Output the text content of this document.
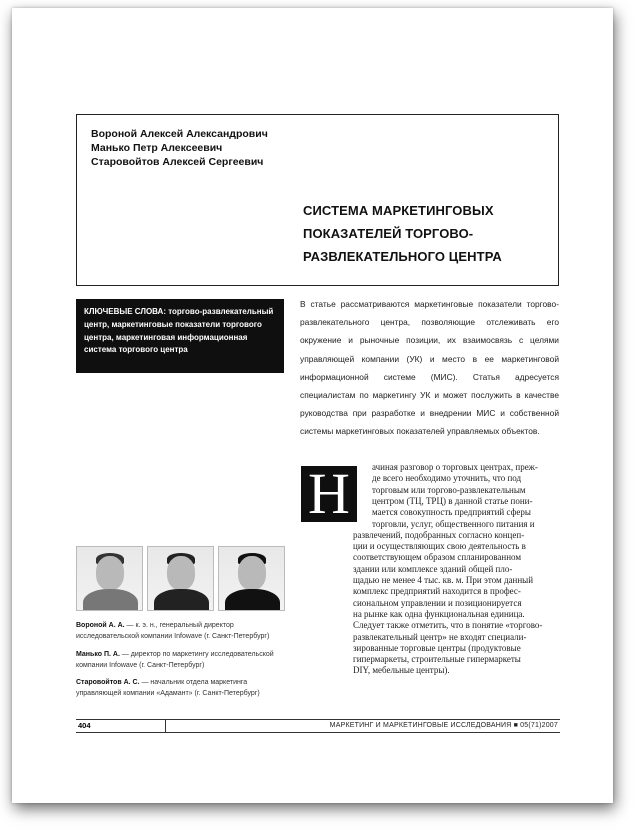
Вороной Алексей Александрович
Манько Петр Алексеевич
Старовойтов Алексей Сергеевич
СИСТЕМА МАРКЕТИНГОВЫХ
ПОКАЗАТЕЛЕЙ ТОРГОВО-
РАЗВЛЕКАТЕЛЬНОГО ЦЕНТРА
КЛЮЧЕВЫЕ СЛОВА: торгово-развлекательный центр, маркетинговые показатели торгового центра, маркетинговая информационная система торгового центра
В статье рассматриваются маркетинговые показатели торгово-развлекательного центра, позволяющие отслеживать его окружение и рыночные позиции, их взаимосвязь с целями управляющей компании (УК) и место в ее маркетинговой информационной системе (МИС). Статья адресуется специалистам по маркетингу УК и может послужить в качестве руководства при разработке и внедрении МИС и собственной системы маркетинговых показателей управляемых объектов.
Н	ачиная разговор о торговых центрах, преж-
де всего необходимо уточнить, что под
торговым или торгово-развлекательным
центром (ТЦ, ТРЦ) в данной статье пони-
мается совокупность предприятий сферы
торговли, услуг, общественного питания и
развлечений, подобранных согласно концеп-
ции и осуществляющих свою деятельность в
соответствующем образом спланированном
здании или комплексе зданий общей пло-
щадью не менее 4 тыс. кв. м. При этом данный
комплекс предприятий находится в профес-
сиональном управлении и позиционируется
на рынке как одна функциональная единица.
Следует также отметить, что в понятие «торгово-
развлекательный центр» не входят специали-
зированные торговые центры (продуктовые
гипермаркеты, строительные гипермаркеты
DIY, мебельные центры).
Вороной А. А. — к. э. н., генеральный директор исследовательской компании Infowave (г. Санкт-Петербург)
Манько П. А. — директор по маркетингу исследовательской компании Infowave (г. Санкт-Петербург)
Старовойтов А. С. — начальник отдела маркетинга управляющей компании «Адамант» (г. Санкт-Петербург)
404	МАРКЕТИНГ И МАРКЕТИНГОВЫЕ ИССЛЕДОВАНИЯ ■ 05(71)2007
